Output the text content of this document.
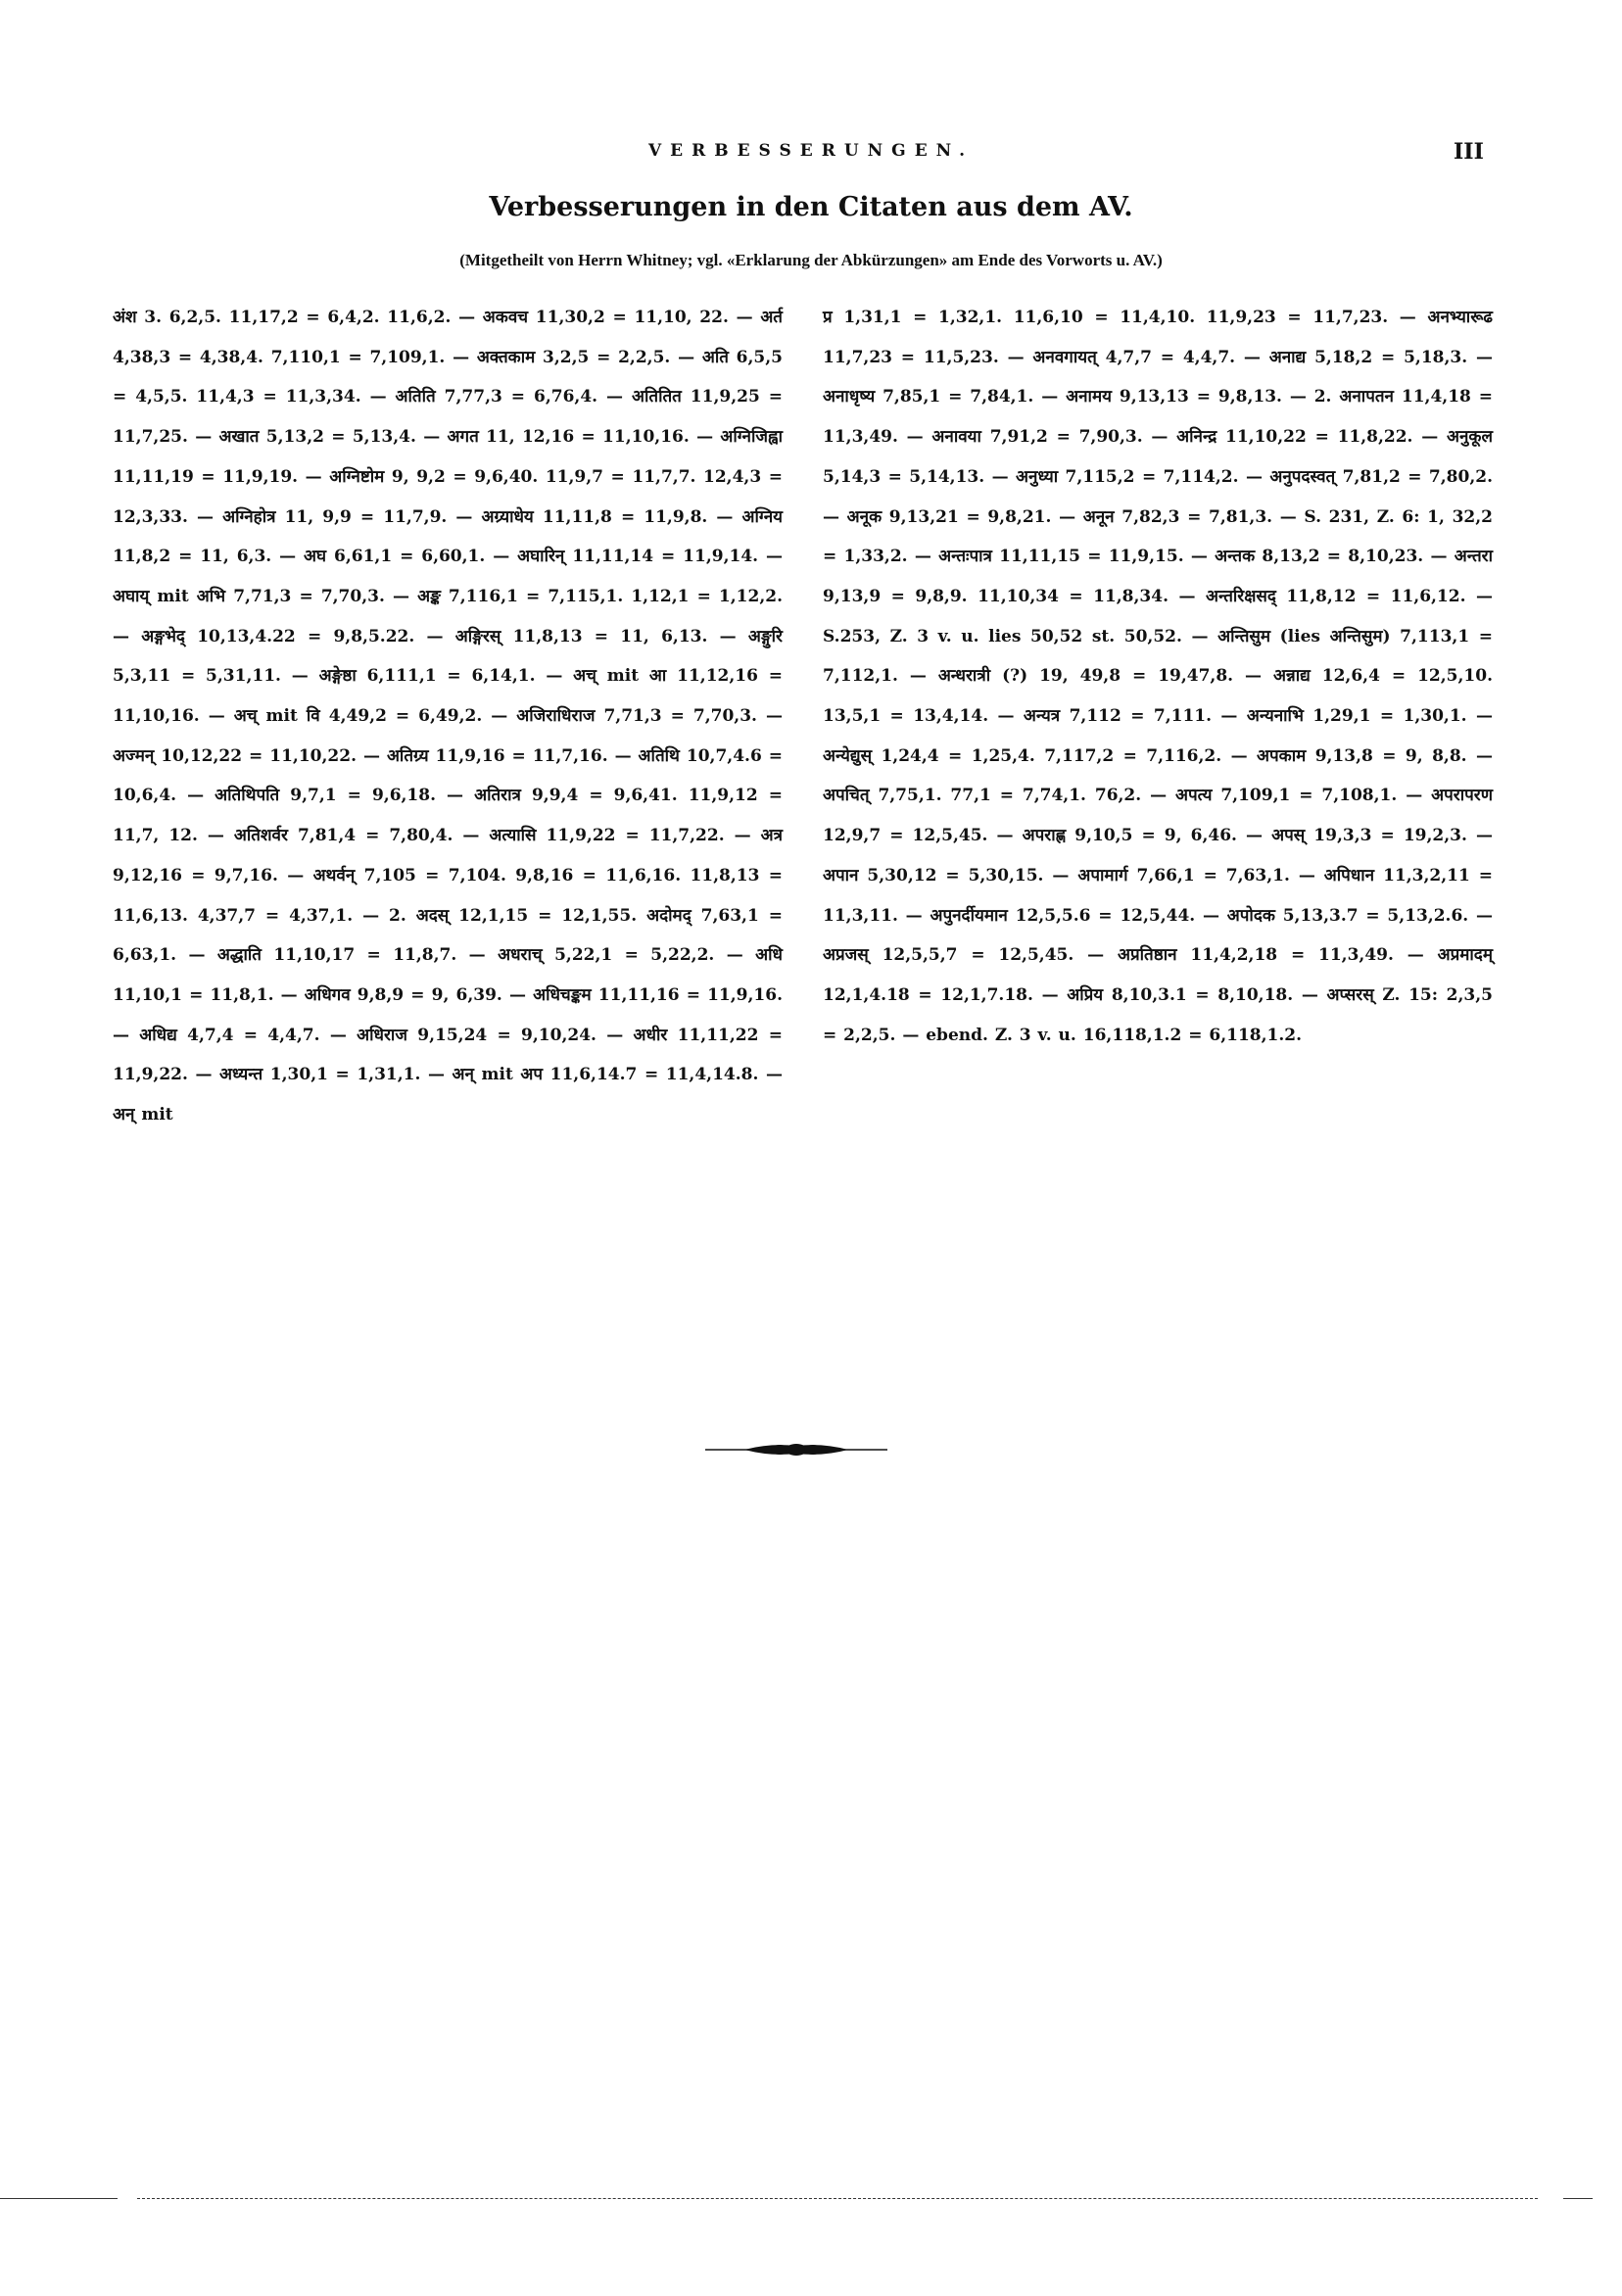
VERBESSERUNGEN.	III
Verbesserungen in den Citaten aus dem AV.
(Mitgetheilt von Herrn Whitney; vgl. «Erklarung der Abkürzungen» am Ende des Vorworts u. AV.)
अंश 3. 6,2,5. 11,17,2 = 6,4,2. 11,6,2. — अकवच 11,30,2 = 11,10, 22. — अर्त 4,38,3 = 4,38,4. 7,110,1 = 7,109,1. — अक्तकाम 3,2,5 = 2,2,5. — अति 6,5,5 = 4,5,5. 11,4,3 = 11,3,34. — अतिति 7,77,3 = 6,76,4. — अतितित 11,9,25 = 11,7,25. — अखात 5,13,2 = 5,13,4. — अगत 11, 12,16 = 11,10,16. — अग्निजिह्वा 11,11,19 = 11,9,19. — अग्निष्टोम 9, 9,2 = 9,6,40. 11,9,7 = 11,7,7. 12,4,3 = 12,3,33. — अग्निहोत्र 11, 9,9 = 11,7,9. — अग्र्याधेय 11,11,8 = 11,9,8. — अग्निय 11,8,2 = 11, 6,3. — अघ 6,61,1 = 6,60,1. — अघारिन् 11,11,14 = 11,9,14. — अघाय् mit अभि 7,71,3 = 7,70,3. — अङ्क 7,116,1 = 7,115,1. 1,12,1 = 1,12,2. — अङ्गभेद् 10,13,4.22 = 9,8,5.22. — अङ्गिरस् 11,8,13 = 11, 6,13. — अङ्गुरि 5,3,11 = 5,31,11. — अङ्गेष्ठा 6,111,1 = 6,14,1. — अच् mit आ 11,12,16 = 11,10,16. — अच् mit वि 4,49,2 = 6,49,2. — अजिराधिराज 7,71,3 = 7,70,3. — अज्मन् 10,12,22 = 11,10,22. — अतिग्र्य 11,9,16 = 11,7,16. — अतिथि 10,7,4.6 = 10,6,4. — अतिथिपति 9,7,1 = 9,6,18. — अतिरात्र 9,9,4 = 9,6,41. 11,9,12 = 11,7, 12. — अतिशर्वर 7,81,4 = 7,80,4. — अत्यासि 11,9,22 = 11,7,22. — अत्र 9,12,16 = 9,7,16. — अथर्वन् 7,105 = 7,104. 9,8,16 = 11,6,16. 11,8,13 = 11,6,13. 4,37,7 = 4,37,1. — 2. अदस् 12,1,15 = 12,1,55. अदोमद् 7,63,1 = 6,63,1. — अद्धाति 11,10,17 = 11,8,7. — अधराच् 5,22,1 = 5,22,2. — अधि 11,10,1 = 11,8,1. — अधिगव 9,8,9 = 9, 6,39. — अधिचङ्कम 11,11,16 = 11,9,16. — अधिद्य 4,7,4 = 4,4,7. — अधिराज 9,15,24 = 9,10,24. — अधीर 11,11,22 = 11,9,22. — अध्यन्त 1,30,1 = 1,31,1. — अन् mit अप 11,6,14.7 = 11,4,14.8. — अन् mit
प्र 1,31,1 = 1,32,1. 11,6,10 = 11,4,10. 11,9,23 = 11,7,23. — अनभ्यारूढ 11,7,23 = 11,5,23. — अनवगायत् 4,7,7 = 4,4,7. — अनाद्य 5,18,2 = 5,18,3. — अनाधृष्य 7,85,1 = 7,84,1. — अनामय 9,13,13 = 9,8,13. — 2. अनापतन 11,4,18 = 11,3,49. — अनावया 7,91,2 = 7,90,3. — अनिन्द्र 11,10,22 = 11,8,22. — अनुकूल 5,14,3 = 5,14,13. — अनुध्या 7,115,2 = 7,114,2. — अनुपदस्वत् 7,81,2 = 7,80,2. — अनूक 9,13,21 = 9,8,21. — अनून 7,82,3 = 7,81,3. — S. 231, Z. 6: 1, 32,2 = 1,33,2. — अन्तःपात्र 11,11,15 = 11,9,15. — अन्तक 8,13,2 = 8,10,23. — अन्तरा 9,13,9 = 9,8,9. 11,10,34 = 11,8,34. — अन्तरिक्षसद् 11,8,12 = 11,6,12. — S.253, Z. 3 v. u. lies 50,52 st. 50,52. — अन्तिसुम (lies अन्तिसुम) 7,113,1 = 7,112,1. — अन्धरात्री (?) 19, 49,8 = 19,47,8. — अन्नाद्य 12,6,4 = 12,5,10. 13,5,1 = 13,4,14. — अन्यत्र 7,112 = 7,111. — अन्यनाभि 1,29,1 = 1,30,1. — अन्येद्युस् 1,24,4 = 1,25,4. 7,117,2 = 7,116,2. — अपकाम 9,13,8 = 9, 8,8. — अपचित् 7,75,1. 77,1 = 7,74,1. 76,2. — अपत्य 7,109,1 = 7,108,1. — अपरापरण 12,9,7 = 12,5,45. — अपराह्ण 9,10,5 = 9, 6,46. — अपस् 19,3,3 = 19,2,3. — अपान 5,30,12 = 5,30,15. — अपामार्ग 7,66,1 = 7,63,1. — अपिधान 11,3,2,11 = 11,3,11. — अपुनर्दीयमान 12,5,5.6 = 12,5,44. — अपोदक 5,13,3.7 = 5,13,2.6. — अप्रजस् 12,5,5,7 = 12,5,45. — अप्रतिष्ठान 11,4,2,18 = 11,3,49. — अप्रमादम् 12,1,4.18 = 12,1,7.18. — अप्रिय 8,10,3.1 = 8,10,18. — अप्सरस् Z. 15: 2,3,5 = 2,2,5. — ebend. Z. 3 v. u. 16,118,1.2 = 6,118,1.2.
